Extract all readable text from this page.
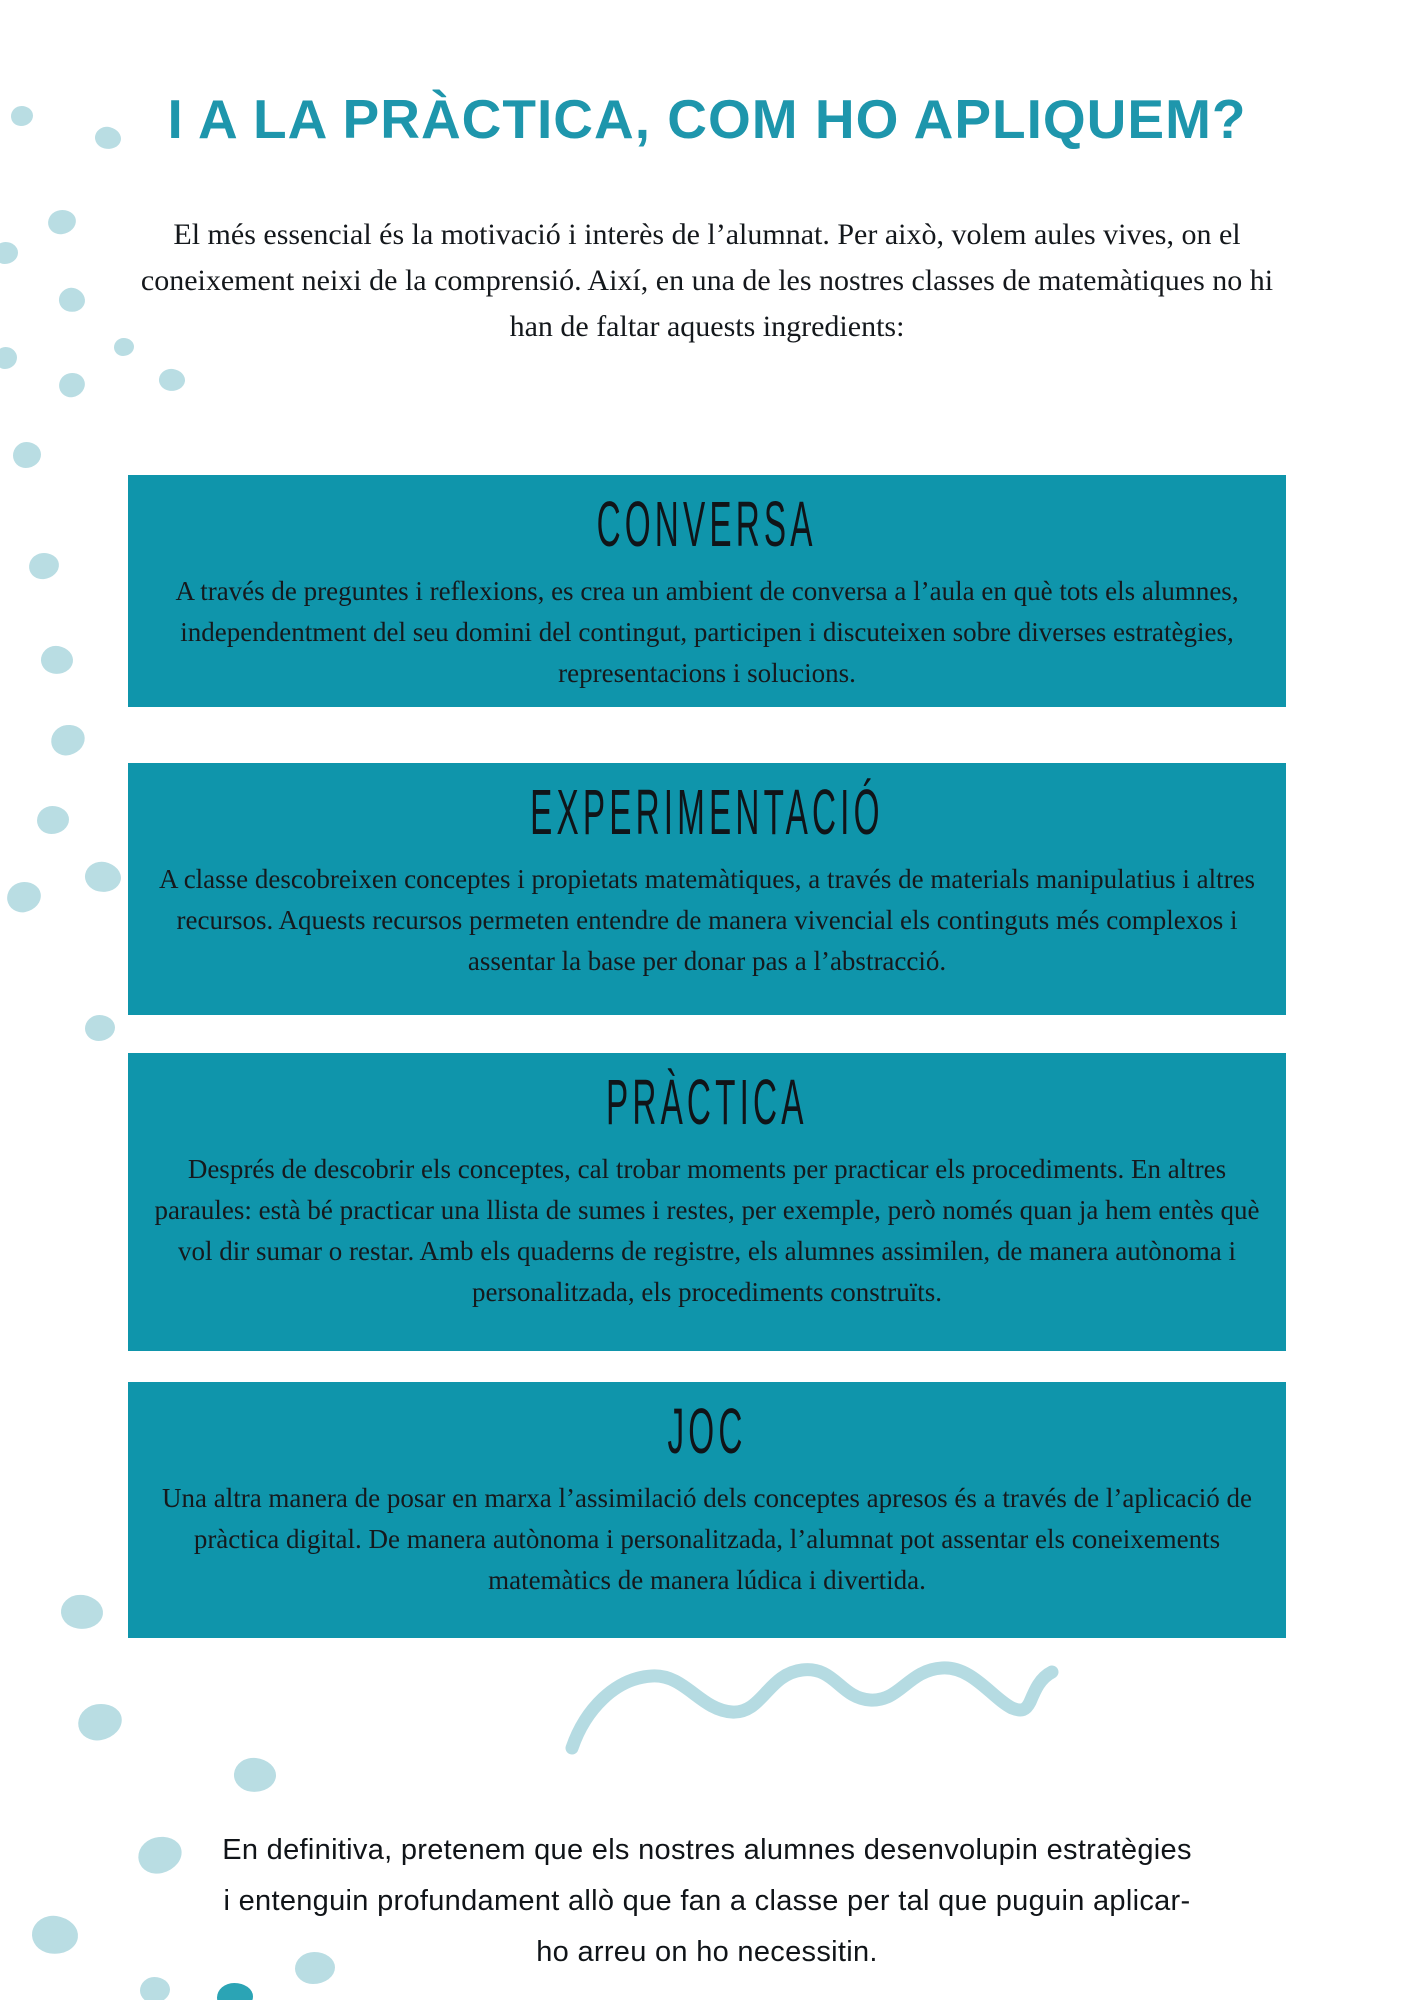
I A LA PRÀCTICA, COM HO APLIQUEM?

El més essencial és la motivació i interès de l’alumnat. Per això, volem aules vives, on el coneixement neixi de la comprensió. Així, en una de les nostres classes de matemàtiques no hi han de faltar aquests ingredients:

CONVERSA

A través de preguntes i reflexions, es crea un ambient de conversa a l’aula en què tots els alumnes, independentment del seu domini del contingut, participen i discuteixen sobre diverses estratègies, representacions i solucions.

EXPERIMENTACIÓ

A classe descobreixen conceptes i propietats matemàtiques, a través de materials manipulatius i altres recursos. Aquests recursos permeten entendre de manera vivencial els continguts més complexos i assentar la base per donar pas a l’abstracció.

PRÀCTICA

Després de descobrir els conceptes, cal trobar moments per practicar els procediments. En altres paraules: està bé practicar una llista de sumes i restes, per exemple, però només quan ja hem entès què vol dir sumar o restar. Amb els quaderns de registre, els alumnes assimilen, de manera autònoma i personalitzada, els procediments construïts.

JOC

Una altra manera de posar en marxa l’assimilació dels conceptes apresos és a través de l’aplicació de pràctica digital. De manera autònoma i personalitzada, l’alumnat pot assentar els coneixements matemàtics de manera lúdica i divertida.

En definitiva, pretenem que els nostres alumnes desenvolupin estratègies i entenguin profundament allò que fan a classe per tal que puguin aplicar-ho arreu on ho necessitin.
